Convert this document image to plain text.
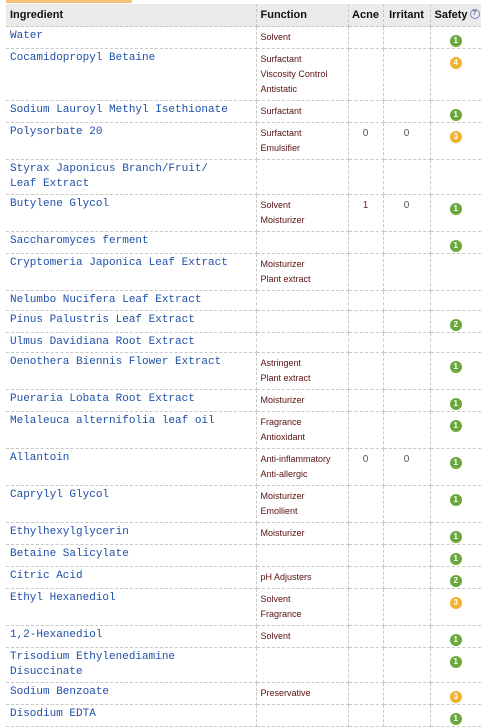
Ingredient	Function	Acne	Irritant	Safety ?

Water	Solvent			1

Cocamidopropyl Betaine	Surfactant
Viscosity Control
Antistatic			4

Sodium Lauroyl Methyl Isethionate	Surfactant			1

Polysorbate 20	Surfactant
Emulsifier	0	0	3

Styrax Japonicus Branch/Fruit/
Leaf Extract				

Butylene Glycol	Solvent
Moisturizer	1	0	1

Saccharomyces ferment				1

Cryptomeria Japonica Leaf Extract	Moisturizer
Plant extract			

Nelumbo Nucifera Leaf Extract				

Pinus Palustris Leaf Extract				2

Ulmus Davidiana Root Extract				

Oenothera Biennis Flower Extract	Astringent
Plant extract			1

Pueraria Lobata Root Extract	Moisturizer			1

Melaleuca alternifolia leaf oil	Fragrance
Antioxidant			1

Allantoin	Anti-inflammatory
Anti-allergic	0	0	1

Caprylyl Glycol	Moisturizer
Emollient			1

Ethylhexylglycerin	Moisturizer			1

Betaine Salicylate				1

Citric Acid	pH Adjusters			2

Ethyl Hexanediol	Solvent
Fragrance			3

1,2-Hexanediol	Solvent			1

Trisodium Ethylenediamine
Disuccinate				1

Sodium Benzoate	Preservative			3

Disodium EDTA				1
